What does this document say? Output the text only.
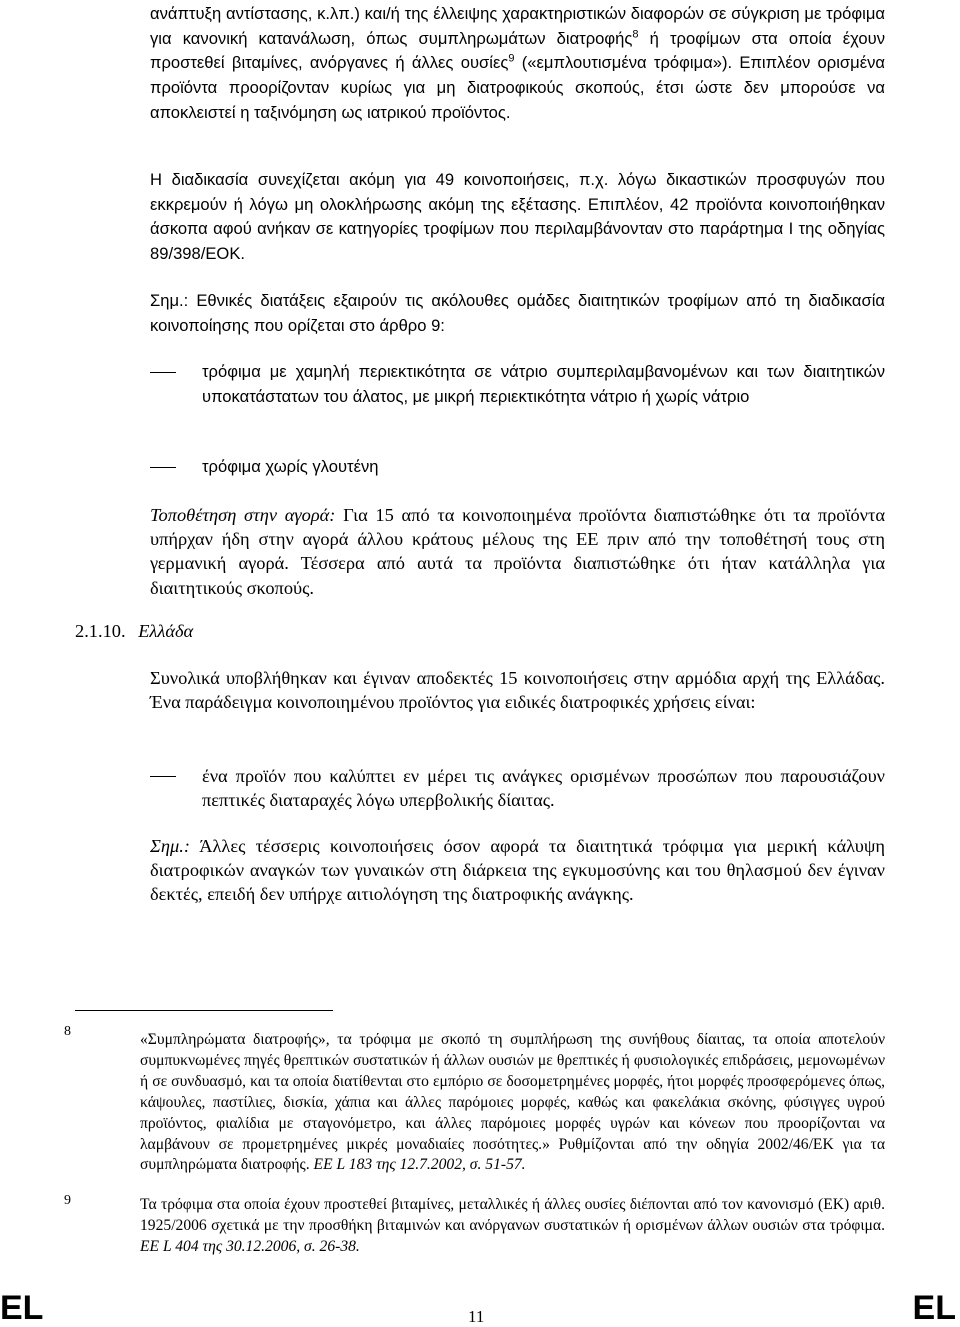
ανάπτυξη αντίστασης, κ.λπ.) και/ή της έλλειψης χαρακτηριστικών διαφορών σε σύγκριση με τρόφιμα για κανονική κατανάλωση, όπως συμπληρωμάτων διατροφής$^8$ ή τροφίμων στα οποία έχουν προστεθεί βιταμίνες, ανόργανες ή άλλες ουσίες$^9$ («εμπλουτισμένα τρόφιμα»). Επιπλέον ορισμένα προϊόντα προορίζονταν κυρίως για μη διατροφικούς σκοπούς, έτσι ώστε δεν μπορούσε να αποκλειστεί η ταξινόμηση ως ιατρικού προϊόντος.

Η διαδικασία συνεχίζεται ακόμη για 49 κοινοποιήσεις, π.χ. λόγω δικαστικών προσφυγών που εκκρεμούν ή λόγω μη ολοκλήρωσης ακόμη της εξέτασης. Επιπλέον, 42 προϊόντα κοινοποιήθηκαν άσκοπα αφού ανήκαν σε κατηγορίες τροφίμων που περιλαμβάνονταν στο παράρτημα Ι της οδηγίας 89/398/ΕΟΚ.

Σημ.: Εθνικές διατάξεις εξαιρούν τις ακόλουθες ομάδες διαιτητικών τροφίμων από τη διαδικασία κοινοποίησης που ορίζεται στο άρθρο 9:

τρόφιμα με χαμηλή περιεκτικότητα σε νάτριο συμπεριλαμβανομένων και των διαιτητικών υποκατάστατων του άλατος, με μικρή περιεκτικότητα νάτριο ή χωρίς νάτριο

τρόφιμα χωρίς γλουτένη

Τοποθέτηση στην αγορά: Για 15 από τα κοινοποιημένα προϊόντα διαπιστώθηκε ότι τα προϊόντα υπήρχαν ήδη στην αγορά άλλου κράτους μέλους της ΕΕ πριν από την τοποθέτησή τους στη γερμανική αγορά. Τέσσερα από αυτά τα προϊόντα διαπιστώθηκε ότι ήταν κατάλληλα για διαιτητικούς σκοπούς.

2.1.10. Ελλάδα

Συνολικά υποβλήθηκαν και έγιναν αποδεκτές 15 κοινοποιήσεις στην αρμόδια αρχή της Ελλάδας. Ένα παράδειγμα κοινοποιημένου προϊόντος για ειδικές διατροφικές χρήσεις είναι:

ένα προϊόν που καλύπτει εν μέρει τις ανάγκες ορισμένων προσώπων που παρουσιάζουν πεπτικές διαταραχές λόγω υπερβολικής δίαιτας.

Σημ.: Άλλες τέσσερις κοινοποιήσεις όσον αφορά τα διαιτητικά τρόφιμα για μερική κάλυψη διατροφικών αναγκών των γυναικών στη διάρκεια της εγκυμοσύνης και του θηλασμού δεν έγιναν δεκτές, επειδή δεν υπήρχε αιτιολόγηση της διατροφικής ανάγκης.

8	«Συμπληρώματα διατροφής», τα τρόφιμα με σκοπό τη συμπλήρωση της συνήθους δίαιτας, τα οποία αποτελούν συμπυκνωμένες πηγές θρεπτικών συστατικών ή άλλων ουσιών με θρεπτικές ή φυσιολογικές επιδράσεις, μεμονωμένων ή σε συνδυασμό, και τα οποία διατίθενται στο εμπόριο σε δοσομετρημένες μορφές, ήτοι μορφές προσφερόμενες όπως, κάψουλες, παστίλιες, δισκία, χάπια και άλλες παρόμοιες μορφές, καθώς και φακελάκια σκόνης, φύσιγγες υγρού προϊόντος, φιαλίδια με σταγονόμετρο, και άλλες παρόμοιες μορφές υγρών και κόνεων που προορίζονται να λαμβάνουν σε προμετρημένες μικρές μοναδιαίες ποσότητες.» Ρυθμίζονται από την οδηγία 2002/46/ΕΚ για τα συμπληρώματα διατροφής. ΕΕ L 183 της 12.7.2002, σ. 51-57.

9	Τα τρόφιμα στα οποία έχουν προστεθεί βιταμίνες, μεταλλικές ή άλλες ουσίες διέπονται από τον κανονισμό (ΕΚ) αριθ. 1925/2006 σχετικά με την προσθήκη βιταμινών και ανόργανων συστατικών ή ορισμένων άλλων ουσιών στα τρόφιμα. ΕΕ L 404 της 30.12.2006, σ. 26-38.

EL	11	EL
